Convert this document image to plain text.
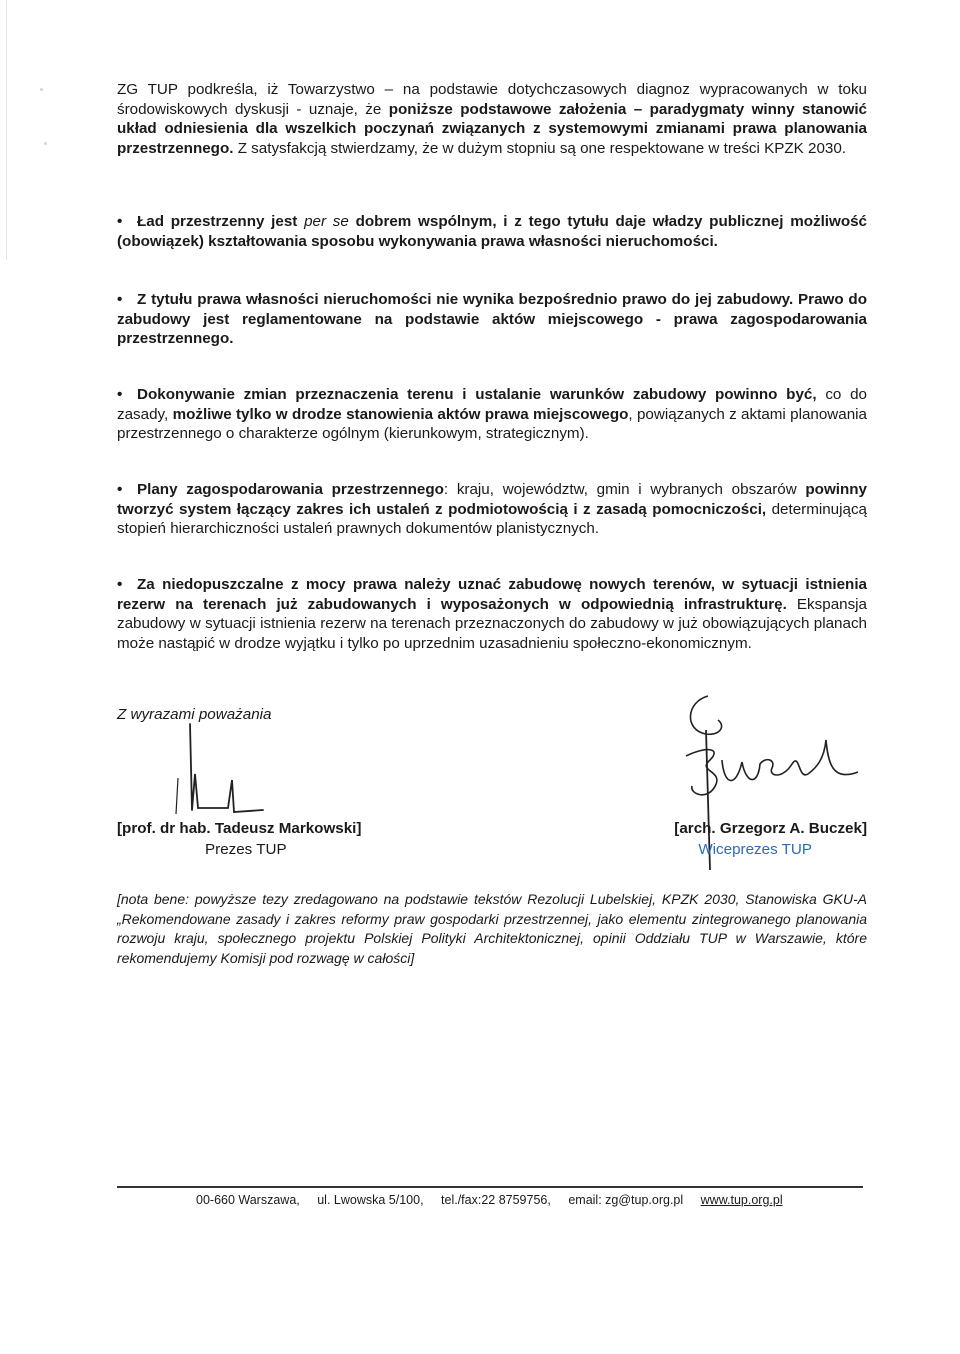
ZG TUP podkreśla, iż Towarzystwo – na podstawie dotychczasowych diagnoz wypracowanych w toku środowiskowych dyskusji - uznaje, że poniższe podstawowe założenia – paradygmaty winny stanowić układ odniesienia dla wszelkich poczynań związanych z systemowymi zmianami prawa planowania przestrzennego. Z satysfakcją stwierdzamy, że w dużym stopniu są one respektowane w treści KPZK 2030.

• Ład przestrzenny jest per se dobrem wspólnym, i z tego tytułu daje władzy publicznej możliwość (obowiązek) kształtowania sposobu wykonywania prawa własności nieruchomości.

• Z tytułu prawa własności nieruchomości nie wynika bezpośrednio prawo do jej zabudowy. Prawo do zabudowy jest reglamentowane na podstawie aktów miejscowego - prawa zagospodarowania przestrzennego.

• Dokonywanie zmian przeznaczenia terenu i ustalanie warunków zabudowy powinno być, co do zasady, możliwe tylko w drodze stanowienia aktów prawa miejscowego, powiązanych z aktami planowania przestrzennego o charakterze ogólnym (kierunkowym, strategicznym).

• Plany zagospodarowania przestrzennego: kraju, województw, gmin i wybranych obszarów powinny tworzyć system łączący zakres ich ustaleń z podmiotowością i z zasadą pomocniczości, determinującą stopień hierarchiczności ustaleń prawnych dokumentów planistycznych.

• Za niedopuszczalne z mocy prawa należy uznać zabudowę nowych terenów, w sytuacji istnienia rezerw na terenach już zabudowanych i wyposażonych w odpowiednią infrastrukturę. Ekspansja zabudowy w sytuacji istnienia rezerw na terenach przeznaczonych do zabudowy w już obowiązujących planach może nastąpić w drodze wyjątku i tylko po uprzednim uzasadnieniu społeczno-ekonomicznym.

Z wyrazami poważania
[prof. dr hab. Tadeusz Markowski]
Prezes TUP
[arch. Grzegorz A. Buczek]
Wiceprezes TUP
[nota bene: powyższe tezy zredagowano na podstawie tekstów Rezolucji Lubelskiej, KPZK 2030, Stanowiska GKU-A „Rekomendowane zasady i zakres reformy praw gospodarki przestrzennej, jako elementu zintegrowanego planowania rozwoju kraju, społecznego projektu Polskiej Polityki Architektonicznej, opinii Oddziału TUP w Warszawie, które rekomendujemy Komisji pod rozwagę w całości]
00-660 Warszawa, ul. Lwowska 5/100, tel./fax:22 8759756, email: zg@tup.org.pl www.tup.org.pl
